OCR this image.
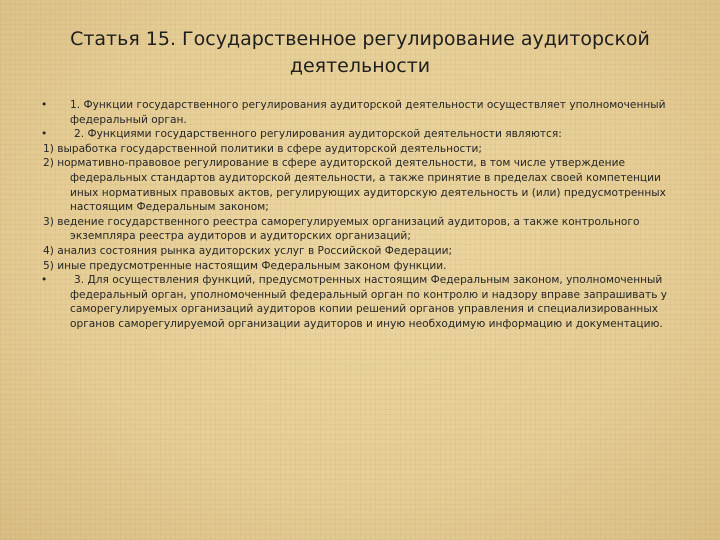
Статья 15. Государственное регулирование аудиторской
деятельности
•	1. Функции государственного регулирования аудиторской деятельности осуществляет уполномоченный федеральный орган.
•	2. Функциями государственного регулирования аудиторской деятельности являются:
1) выработка государственной политики в сфере аудиторской деятельности;
2) нормативно-правовое регулирование в сфере аудиторской деятельности, в том числе утверждение федеральных стандартов аудиторской деятельности, а также принятие в пределах своей компетенции иных нормативных правовых актов, регулирующих аудиторскую деятельность и (или) предусмотренных настоящим Федеральным законом;
3) ведение государственного реестра саморегулируемых организаций аудиторов, а также контрольного экземпляра реестра аудиторов и аудиторских организаций;
4) анализ состояния рынка аудиторских услуг в Российской Федерации;
5) иные предусмотренные настоящим Федеральным законом функции.
•	3. Для осуществления функций, предусмотренных настоящим Федеральным законом, уполномоченный федеральный орган, уполномоченный федеральный орган по контролю и надзору вправе запрашивать у саморегулируемых организаций аудиторов копии решений органов управления и специализированных органов саморегулируемой организации аудиторов и иную необходимую информацию и документацию.
